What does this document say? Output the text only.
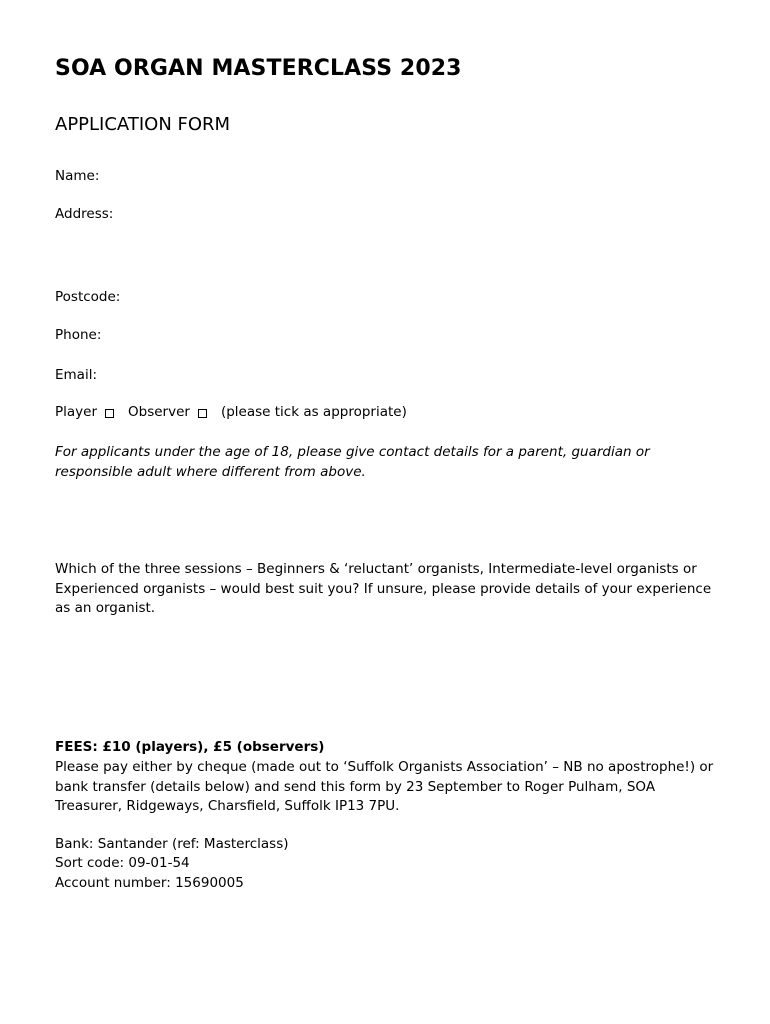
SOA ORGAN MASTERCLASS 2023
APPLICATION FORM
Name:
Address:
Postcode:
Phone:
Email:
Player Observer (please tick as appropriate)
For applicants under the age of 18, please give contact details for a parent, guardian or responsible adult where different from above.
Which of the three sessions – Beginners & ‘reluctant’ organists, Intermediate-level organists or Experienced organists – would best suit you? If unsure, please provide details of your experience as an organist.
FEES: £10 (players), £5 (observers)
Please pay either by cheque (made out to ‘Suffolk Organists Association’ – NB no apostrophe!) or bank transfer (details below) and send this form by 23 September to Roger Pulham, SOA Treasurer, Ridgeways, Charsfield, Suffolk IP13 7PU.
Bank: Santander (ref: Masterclass)
Sort code: 09-01-54
Account number: 15690005
